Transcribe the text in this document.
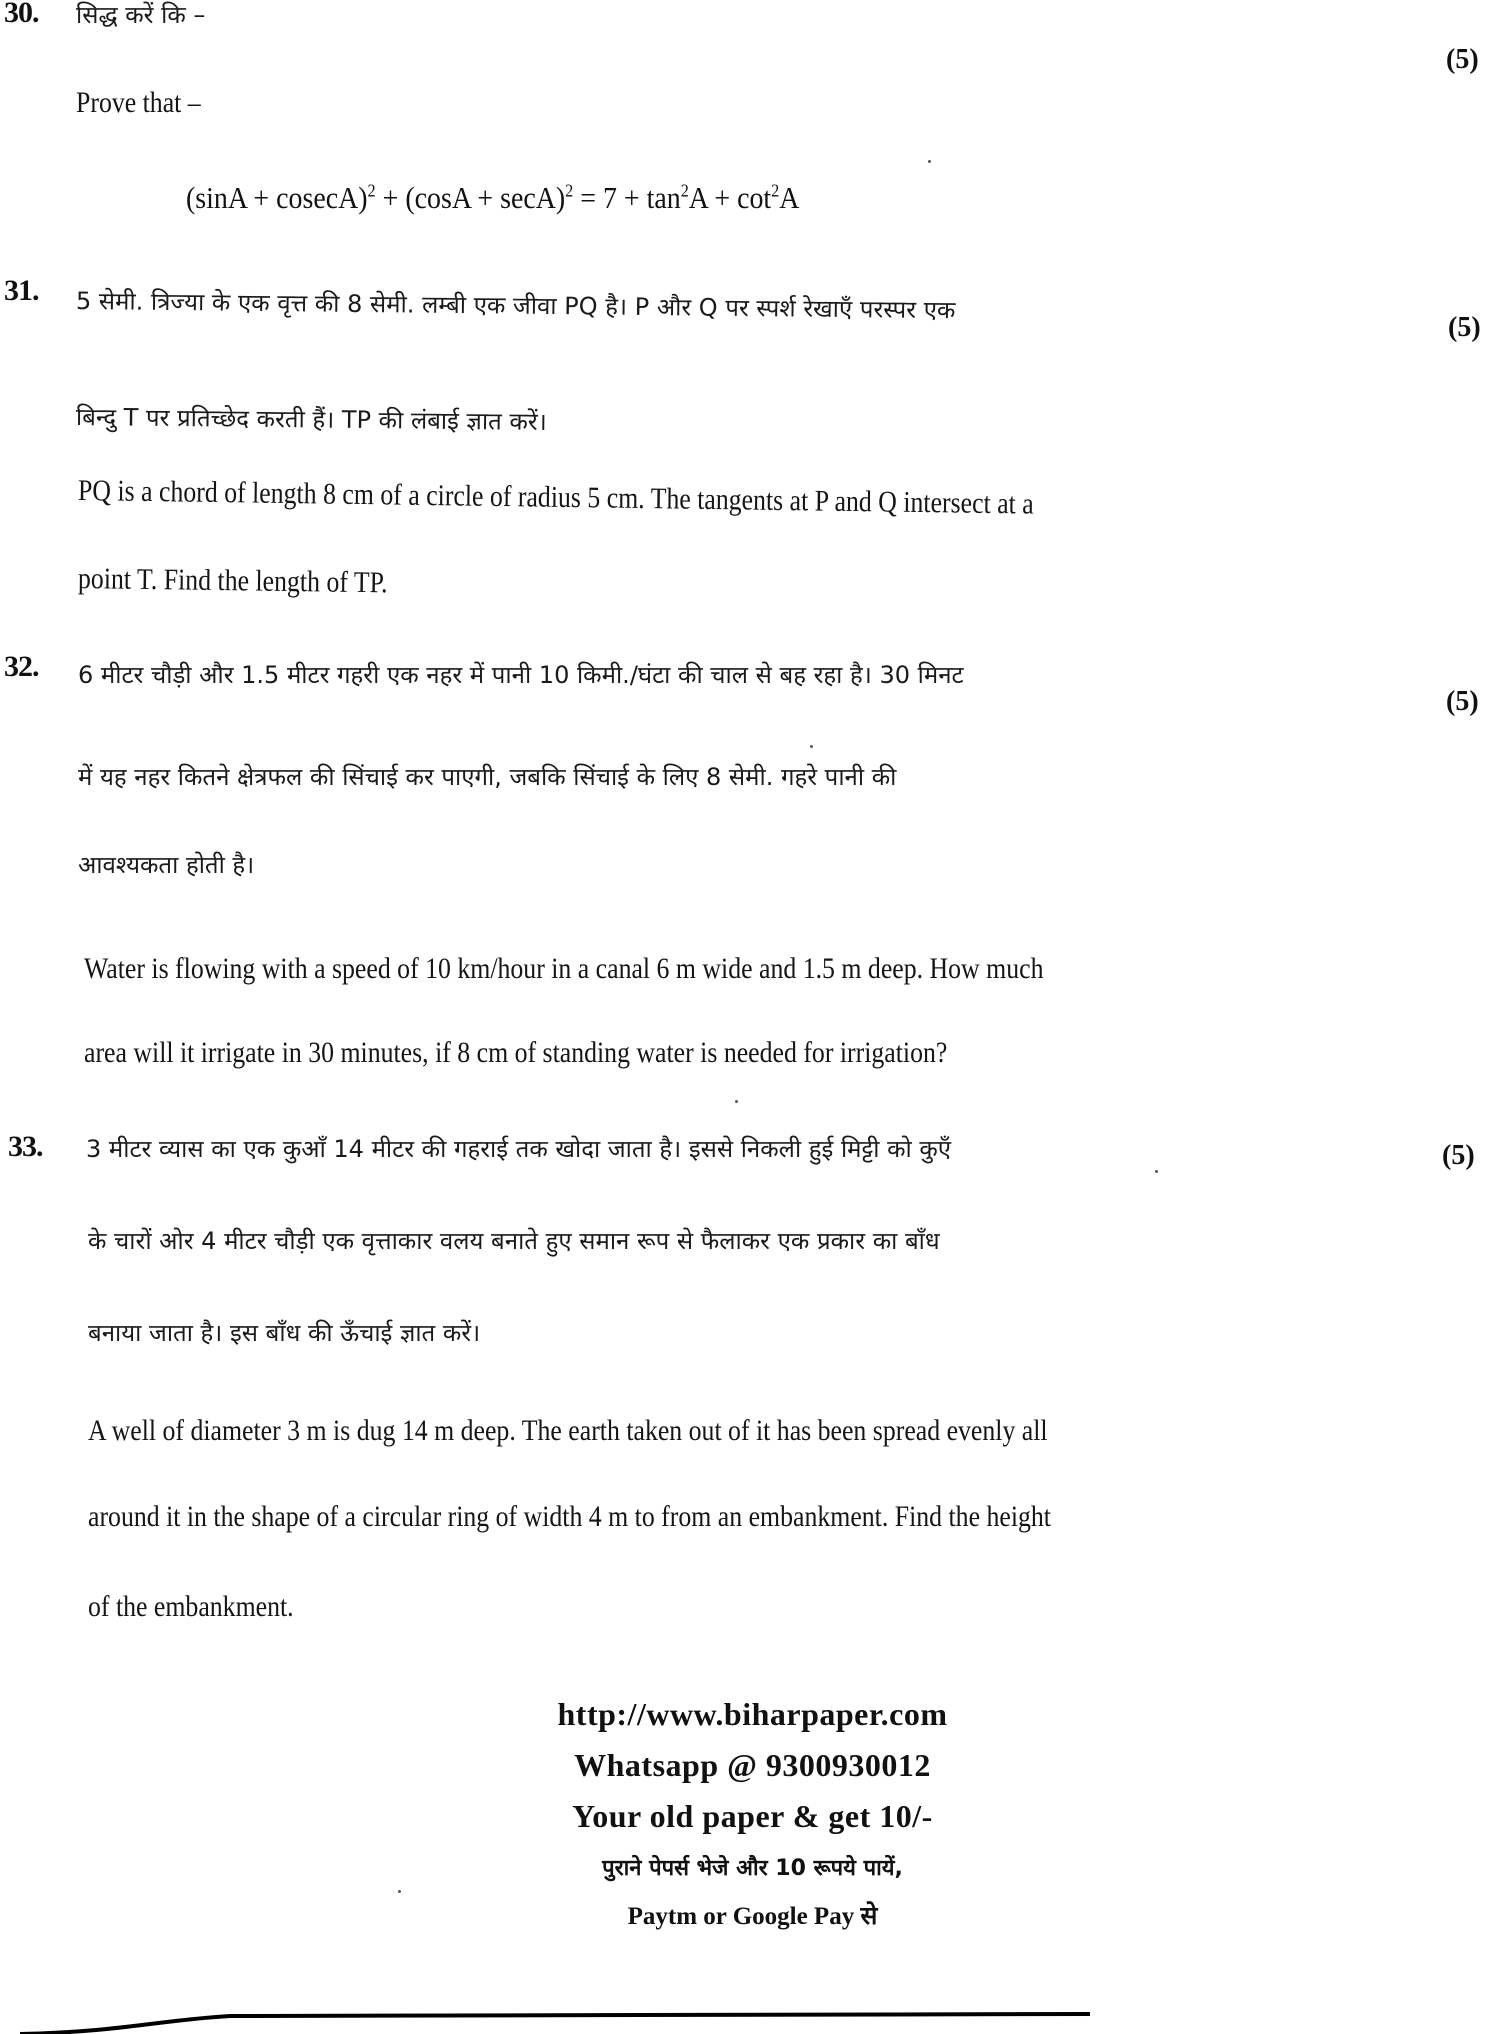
30. सिद्ध करें कि –
(5)
Prove that –
$(\sin A + cosecA)^2 + (\cos A + \sec A)^2 = 7 + \tan^2A + \cot^2A$
31. 5 सेमी. त्रिज्या के एक वृत्त की 8 सेमी. लम्बी एक जीवा PQ है। P और Q पर स्पर्श रेखाएँ परस्पर एक
(5)
बिन्दु T पर प्रतिच्छेद करती हैं। TP की लंबाई ज्ञात करें।
PQ is a chord of length 8 cm of a circle of radius 5 cm. The tangents at P and Q intersect at a
point T. Find the length of TP.
32. 6 मीटर चौड़ी और 1.5 मीटर गहरी एक नहर में पानी 10 किमी./घंटा की चाल से बह रहा है। 30 मिनट
(5)
में यह नहर कितने क्षेत्रफल की सिंचाई कर पाएगी, जबकि सिंचाई के लिए 8 सेमी. गहरे पानी की
आवश्यकता होती है।
Water is flowing with a speed of 10 km/hour in a canal 6 m wide and 1.5 m deep. How much
area will it irrigate in 30 minutes, if 8 cm of standing water is needed for irrigation?
33. 3 मीटर व्यास का एक कुआँ 14 मीटर की गहराई तक खोदा जाता है। इससे निकली हुई मिट्टी को कुएँ	(5)
के चारों ओर 4 मीटर चौड़ी एक वृत्ताकार वलय बनाते हुए समान रूप से फैलाकर एक प्रकार का बाँध
बनाया जाता है। इस बाँध की ऊँचाई ज्ञात करें।
A well of diameter 3 m is dug 14 m deep. The earth taken out of it has been spread evenly all
around it in the shape of a circular ring of width 4 m to from an embankment. Find the height
of the embankment.
http://www.biharpaper.com
Whatsapp @ 9300930012
Your old paper & get 10/-
पुराने पेपर्स भेजे और 10 रूपये पायें,
Paytm or Google Pay से
